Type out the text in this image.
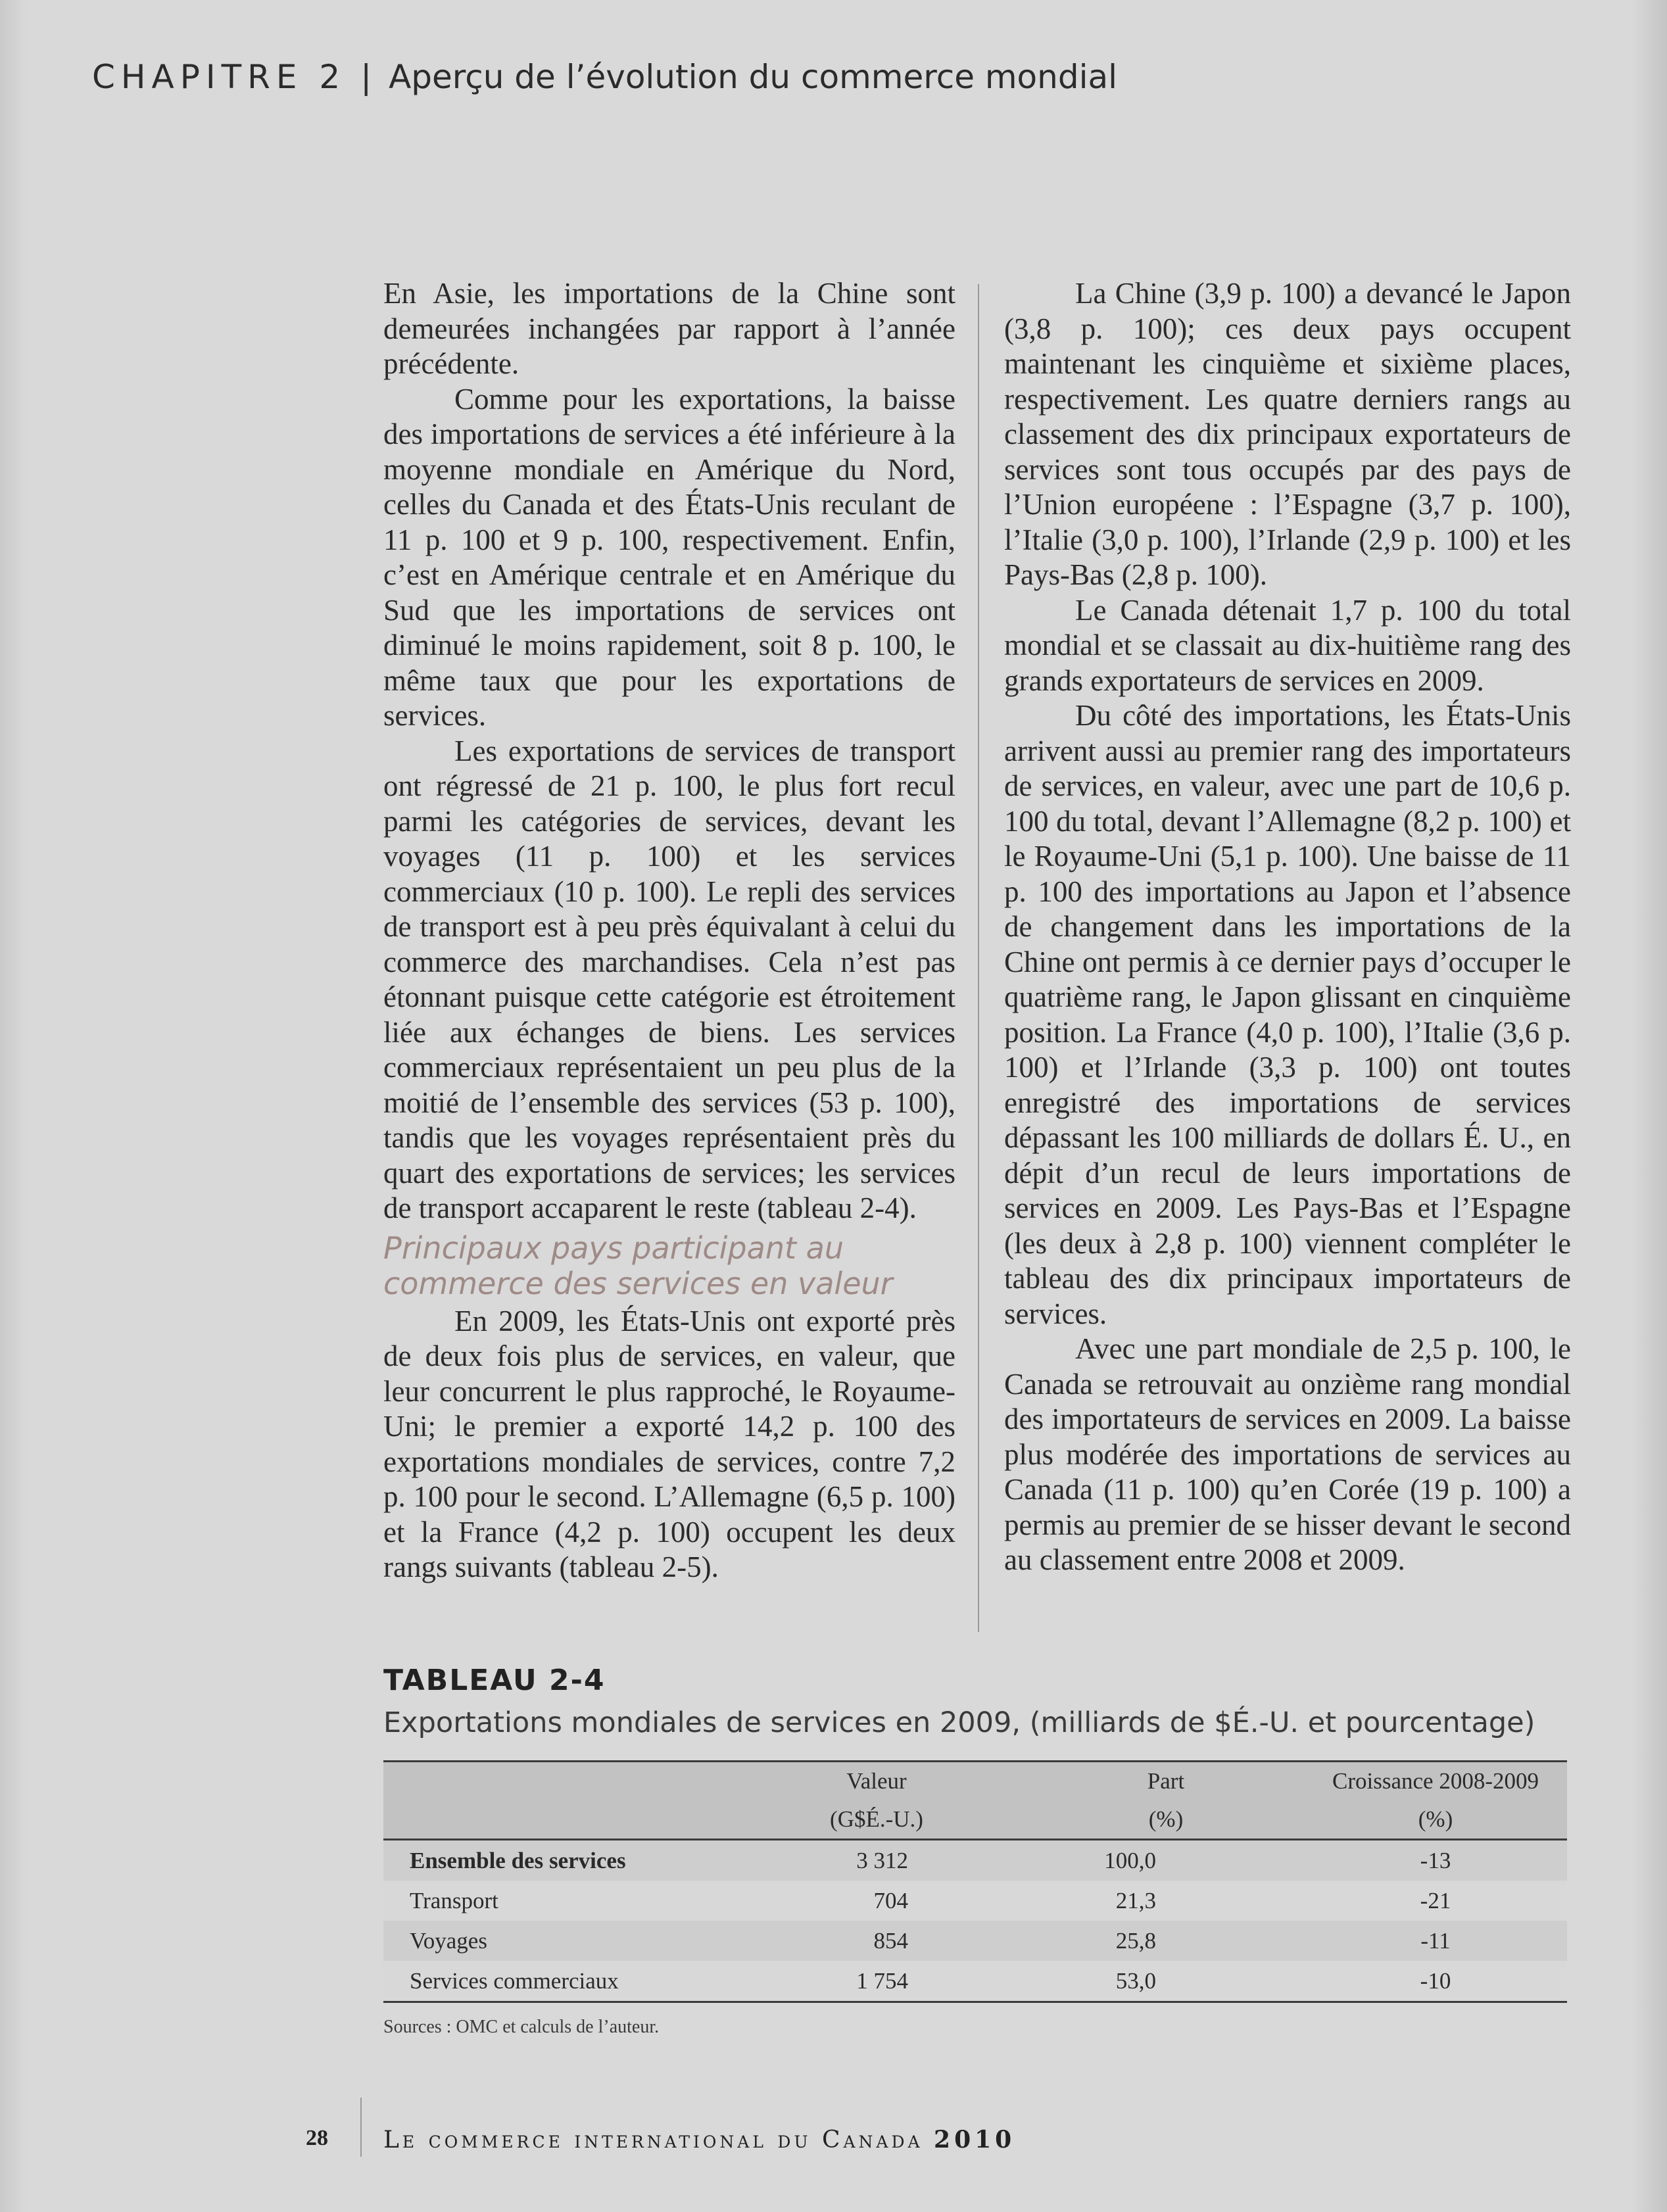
CHAPITRE 2 | Aperçu de l’évolution du commerce mondial

En Asie, les importations de la Chine sont demeurées inchangées par rapport à l’année précédente.

Comme pour les exportations, la baisse des importations de services a été inférieure à la moyenne mondiale en Amérique du Nord, celles du Canada et des États-Unis reculant de 11 p. 100 et 9 p. 100, respectivement. Enfin, c’est en Amérique centrale et en Amérique du Sud que les importations de services ont diminué le moins rapidement, soit 8 p. 100, le même taux que pour les exportations de services.

Les exportations de services de transport ont régressé de 21 p. 100, le plus fort recul parmi les catégories de services, devant les voyages (11 p. 100) et les services commerciaux (10 p. 100). Le repli des services de transport est à peu près équivalant à celui du commerce des marchandises. Cela n’est pas étonnant puisque cette catégorie est étroitement liée aux échanges de biens. Les services commerciaux représentaient un peu plus de la moitié de l’ensemble des services (53 p. 100), tandis que les voyages représentaient près du quart des exportations de services; les services de transport accaparent le reste (tableau 2-4).

Principaux pays participant au commerce des services en valeur

En 2009, les États-Unis ont exporté près de deux fois plus de services, en valeur, que leur concurrent le plus rapproché, le Royaume-Uni; le premier a exporté 14,2 p. 100 des exportations mondiales de services, contre 7,2 p. 100 pour le second. L’Allemagne (6,5 p. 100) et la France (4,2 p. 100) occupent les deux rangs suivants (tableau 2-5).

La Chine (3,9 p. 100) a devancé le Japon (3,8 p. 100); ces deux pays occupent maintenant les cinquième et sixième places, respectivement. Les quatre derniers rangs au classement des dix principaux exportateurs de services sont tous occupés par des pays de l’Union européene : l’Espagne (3,7 p. 100), l’Italie (3,0 p. 100), l’Irlande (2,9 p. 100) et les Pays-Bas (2,8 p. 100).

Le Canada détenait 1,7 p. 100 du total mondial et se classait au dix-huitième rang des grands exportateurs de services en 2009.

Du côté des importations, les États-Unis arrivent aussi au premier rang des importateurs de services, en valeur, avec une part de 10,6 p. 100 du total, devant l’Allemagne (8,2 p. 100) et le Royaume-Uni (5,1 p. 100). Une baisse de 11 p. 100 des importations au Japon et l’absence de changement dans les importations de la Chine ont permis à ce dernier pays d’occuper le quatrième rang, le Japon glissant en cinquième position. La France (4,0 p. 100), l’Italie (3,6 p. 100) et l’Irlande (3,3 p. 100) ont toutes enregistré des importations de services dépassant les 100 milliards de dollars É. U., en dépit d’un recul de leurs importations de services en 2009. Les Pays-Bas et l’Espagne (les deux à 2,8 p. 100) viennent compléter le tableau des dix principaux importateurs de services.

Avec une part mondiale de 2,5 p. 100, le Canada se retrouvait au onzième rang mondial des importateurs de services en 2009. La baisse plus modérée des importations de services au Canada (11 p. 100) qu’en Corée (19 p. 100) a permis au premier de se hisser devant le second au classement entre 2008 et 2009.

TABLEAU 2-4
Exportations mondiales de services en 2009, (milliards de $É.-U. et pourcentage)
	Valeur	Part	Croissance 2008-2009
	(G$É.-U.)	(%)	(%)
Ensemble des services	3 312	100,0	-13
Transport	704	21,3	-21
Voyages	854	25,8	-11
Services commerciaux	1 754	53,0	-10
Sources : OMC et calculs de l’auteur.
28 Le commerce international du Canada 2010
